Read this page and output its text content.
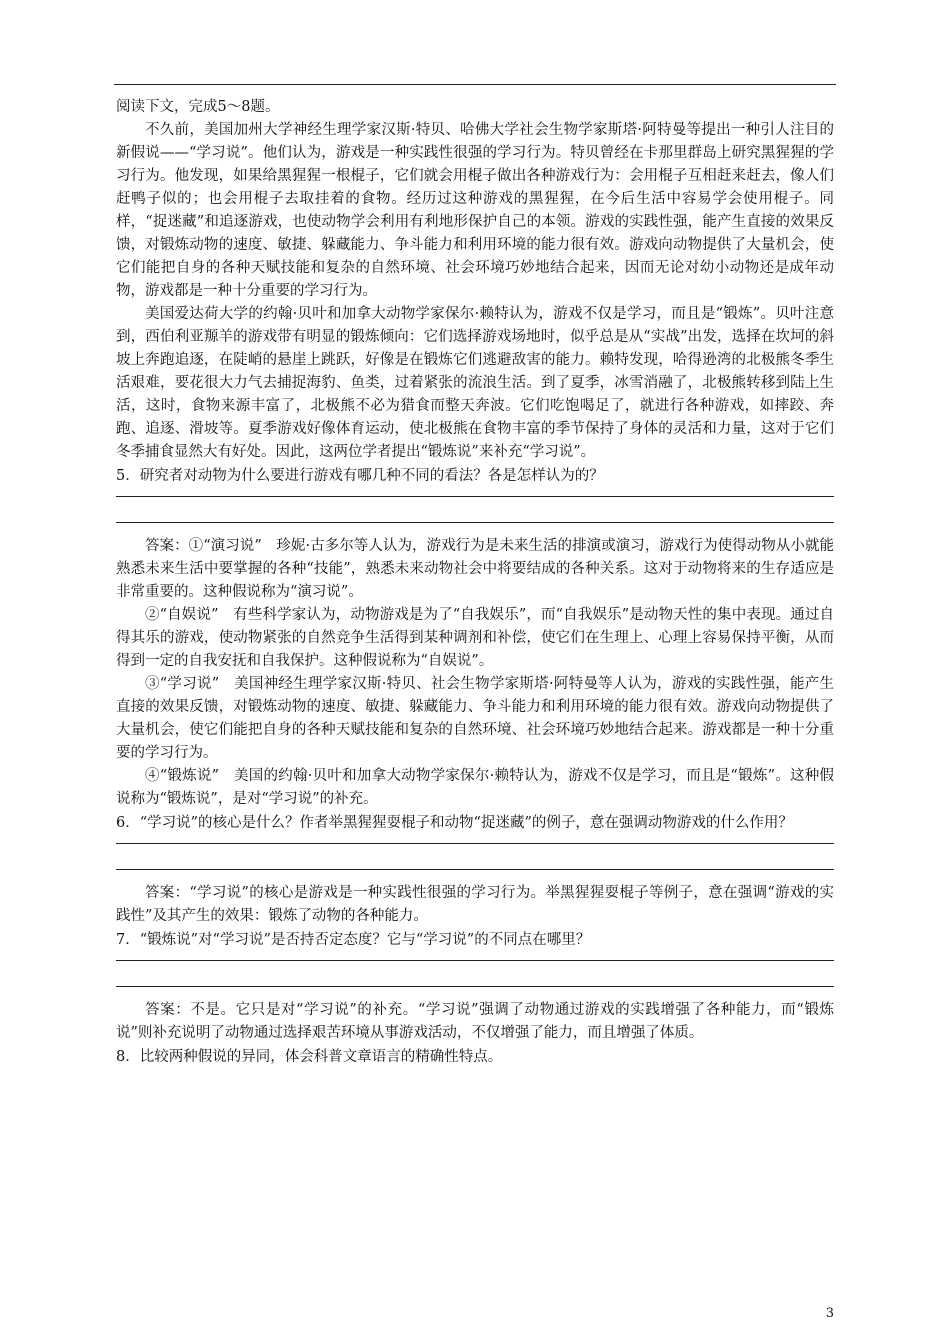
阅读下文，完成5～8题。

不久前，美国加州大学神经生理学家汉斯·特贝、哈佛大学社会生物学家斯塔·阿特曼等提出一种引人注目的新假说——“学习说”。他们认为，游戏是一种实践性很强的学习行为。特贝曾经在卡那里群岛上研究黑猩猩的学习行为。他发现，如果给黑猩猩一根棍子，它们就会用棍子做出各种游戏行为：会用棍子互相赶来赶去，像人们赶鸭子似的；也会用棍子去取挂着的食物。经历过这种游戏的黑猩猩，在今后生活中容易学会使用棍子。同样，“捉迷藏”和追逐游戏，也使动物学会利用有利地形保护自己的本领。游戏的实践性强，能产生直接的效果反馈，对锻炼动物的速度、敏捷、躲藏能力、争斗能力和利用环境的能力很有效。游戏向动物提供了大量机会，使它们能把自身的各种天赋技能和复杂的自然环境、社会环境巧妙地结合起来，因而无论对幼小动物还是成年动物，游戏都是一种十分重要的学习行为。

美国爱达荷大学的约翰·贝叶和加拿大动物学家保尔·赖特认为，游戏不仅是学习，而且是“锻炼”。贝叶注意到，西伯利亚羱羊的游戏带有明显的锻炼倾向：它们选择游戏场地时，似乎总是从“实战”出发，选择在坎坷的斜坡上奔跑追逐，在陡峭的悬崖上跳跃，好像是在锻炼它们逃避敌害的能力。赖特发现，哈得逊湾的北极熊冬季生活艰难，要花很大力气去捕捉海豹、鱼类，过着紧张的流浪生活。到了夏季，冰雪消融了，北极熊转移到陆上生活，这时，食物来源丰富了，北极熊不必为猎食而整天奔波。它们吃饱喝足了，就进行各种游戏，如摔跤、奔跑、追逐、滑坡等。夏季游戏好像体育运动，使北极熊在食物丰富的季节保持了身体的灵活和力量，这对于它们冬季捕食显然大有好处。因此，这两位学者提出“锻炼说”来补充“学习说”。

5．研究者对动物为什么要进行游戏有哪几种不同的看法？各是怎样认为的？

答案：①“演习说”　珍妮·古多尔等人认为，游戏行为是未来生活的排演或演习，游戏行为使得动物从小就能熟悉未来生活中要掌握的各种“技能”，熟悉未来动物社会中将要结成的各种关系。这对于动物将来的生存适应是非常重要的。这种假说称为“演习说”。

②“自娱说”　有些科学家认为，动物游戏是为了“自我娱乐”，而“自我娱乐”是动物天性的集中表现。通过自得其乐的游戏，使动物紧张的自然竞争生活得到某种调剂和补偿，使它们在生理上、心理上容易保持平衡，从而得到一定的自我安抚和自我保护。这种假说称为“自娱说”。

③“学习说”　美国神经生理学家汉斯·特贝、社会生物学家斯塔·阿特曼等人认为，游戏的实践性强，能产生直接的效果反馈，对锻炼动物的速度、敏捷、躲藏能力、争斗能力和利用环境的能力很有效。游戏向动物提供了大量机会，使它们能把自身的各种天赋技能和复杂的自然环境、社会环境巧妙地结合起来。游戏都是一种十分重要的学习行为。

④“锻炼说”　美国的约翰·贝叶和加拿大动物学家保尔·赖特认为，游戏不仅是学习，而且是“锻炼”。这种假说称为“锻炼说”，是对“学习说”的补充。

6．“学习说”的核心是什么？作者举黑猩猩耍棍子和动物“捉迷藏”的例子，意在强调动物游戏的什么作用？

答案：“学习说”的核心是游戏是一种实践性很强的学习行为。举黑猩猩耍棍子等例子，意在强调“游戏的实践性”及其产生的效果：锻炼了动物的各种能力。

7．“锻炼说”对“学习说”是否持否定态度？它与“学习说”的不同点在哪里？

答案：不是。它只是对“学习说”的补充。“学习说”强调了动物通过游戏的实践增强了各种能力，而“锻炼说”则补充说明了动物通过选择艰苦环境从事游戏活动，不仅增强了能力，而且增强了体质。

8．比较两种假说的异同，体会科普文章语言的精确性特点。

3
